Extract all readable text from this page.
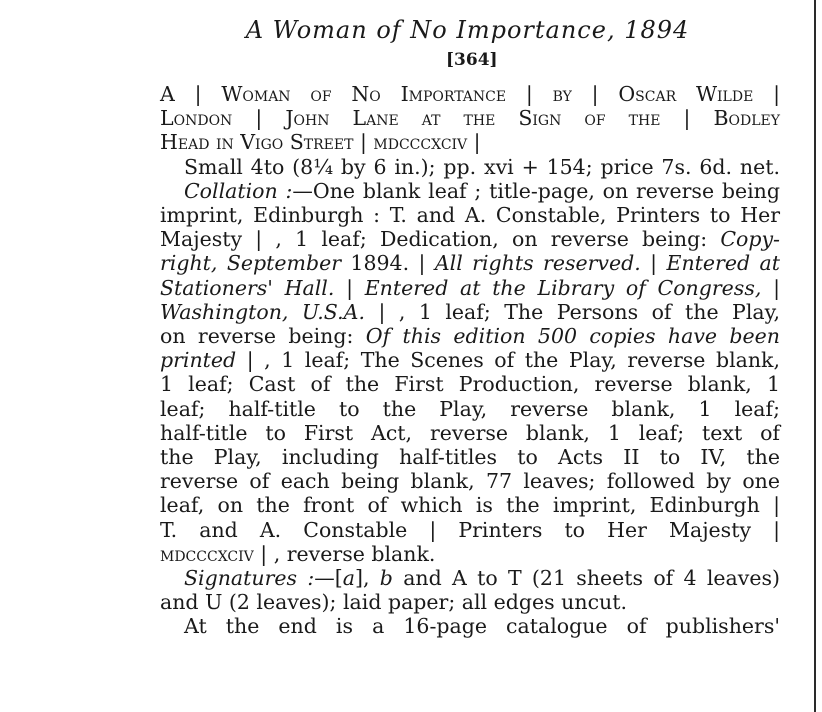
A Woman of No Importance, 1894
[364]
A | Woman of No Importance | by | Oscar Wilde |
London | John Lane at the Sign of the | Bodley
Head in Vigo Street | mdcccxciv |
Small 4to (8¼ by 6 in.); pp. xvi + 154; price 7s. 6d. net.
Collation :—One blank leaf ; title-page, on reverse being
imprint, Edinburgh : T. and A. Constable, Printers to Her
Majesty | , 1 leaf; Dedication, on reverse being: Copy-
right, September 1894. | All rights reserved. | Entered at
Stationers' Hall. | Entered at the Library of Congress, |
Washington, U.S.A. | , 1 leaf; The Persons of the Play,
on reverse being: Of this edition 500 copies have been
printed | , 1 leaf; The Scenes of the Play, reverse blank,
1 leaf; Cast of the First Production, reverse blank, 1
leaf; half-title to the Play, reverse blank, 1 leaf;
half-title to First Act, reverse blank, 1 leaf; text of
the Play, including half-titles to Acts II to IV, the
reverse of each being blank, 77 leaves; followed by one
leaf, on the front of which is the imprint, Edinburgh |
T. and A. Constable | Printers to Her Majesty |
mdcccxciv | , reverse blank.
Signatures :—[a], b and A to T (21 sheets of 4 leaves)
and U (2 leaves); laid paper; all edges uncut.
At the end is a 16-page catalogue of publishers'
